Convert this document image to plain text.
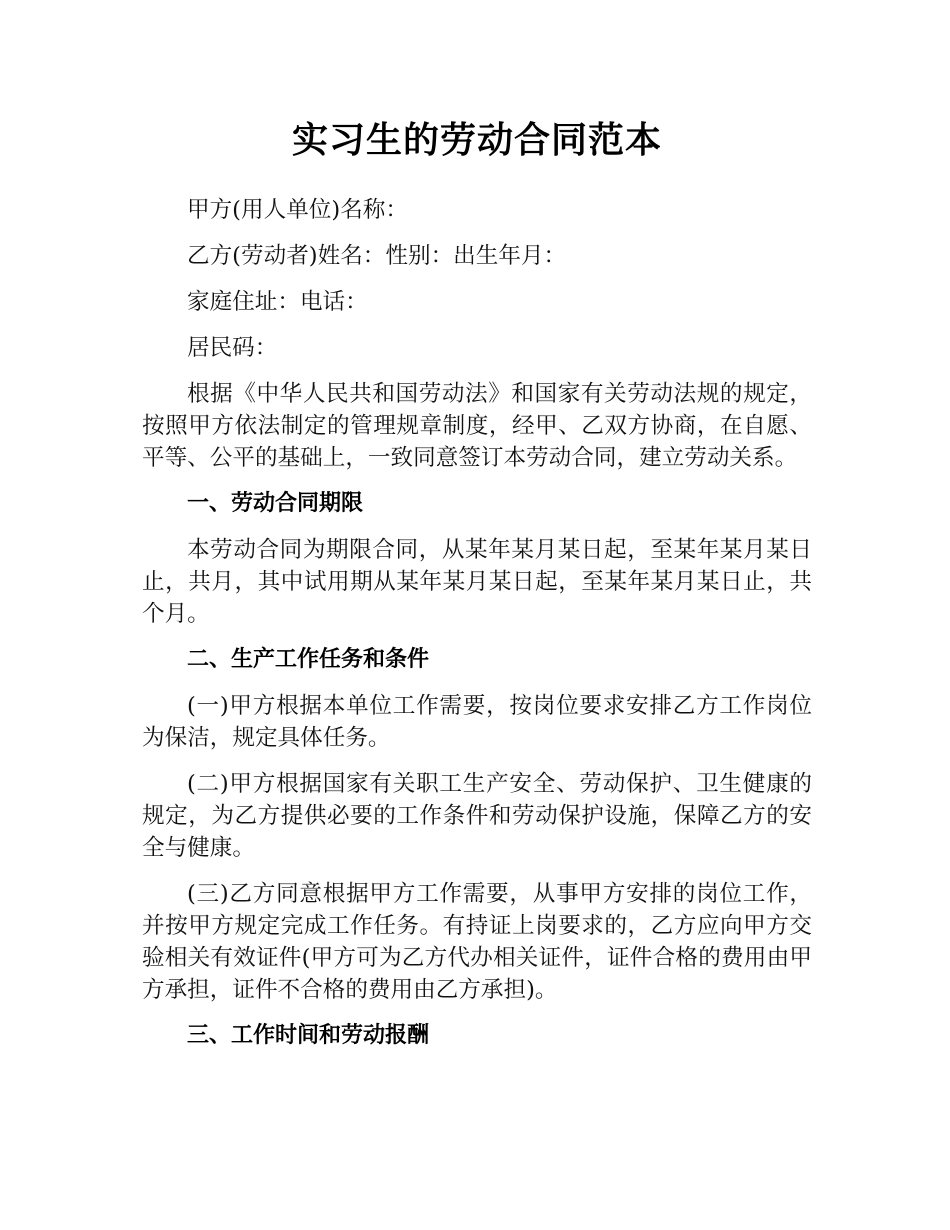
实习生的劳动合同范本

甲方(用人单位)名称：

乙方(劳动者)姓名：性别：出生年月：

家庭住址：电话：

居民码：

根据《中华人民共和国劳动法》和国家有关劳动法规的规定，按照甲方依法制定的管理规章制度，经甲、乙双方协商，在自愿、平等、公平的基础上，一致同意签订本劳动合同，建立劳动关系。

一、劳动合同期限

本劳动合同为期限合同，从某年某月某日起，至某年某月某日止，共月，其中试用期从某年某月某日起，至某年某月某日止，共个月。

二、生产工作任务和条件

(一)甲方根据本单位工作需要，按岗位要求安排乙方工作岗位为保洁，规定具体任务。

(二)甲方根据国家有关职工生产安全、劳动保护、卫生健康的规定，为乙方提供必要的工作条件和劳动保护设施，保障乙方的安全与健康。

(三)乙方同意根据甲方工作需要，从事甲方安排的岗位工作，并按甲方规定完成工作任务。有持证上岗要求的，乙方应向甲方交验相关有效证件(甲方可为乙方代办相关证件，证件合格的费用由甲方承担，证件不合格的费用由乙方承担)。

三、工作时间和劳动报酬
